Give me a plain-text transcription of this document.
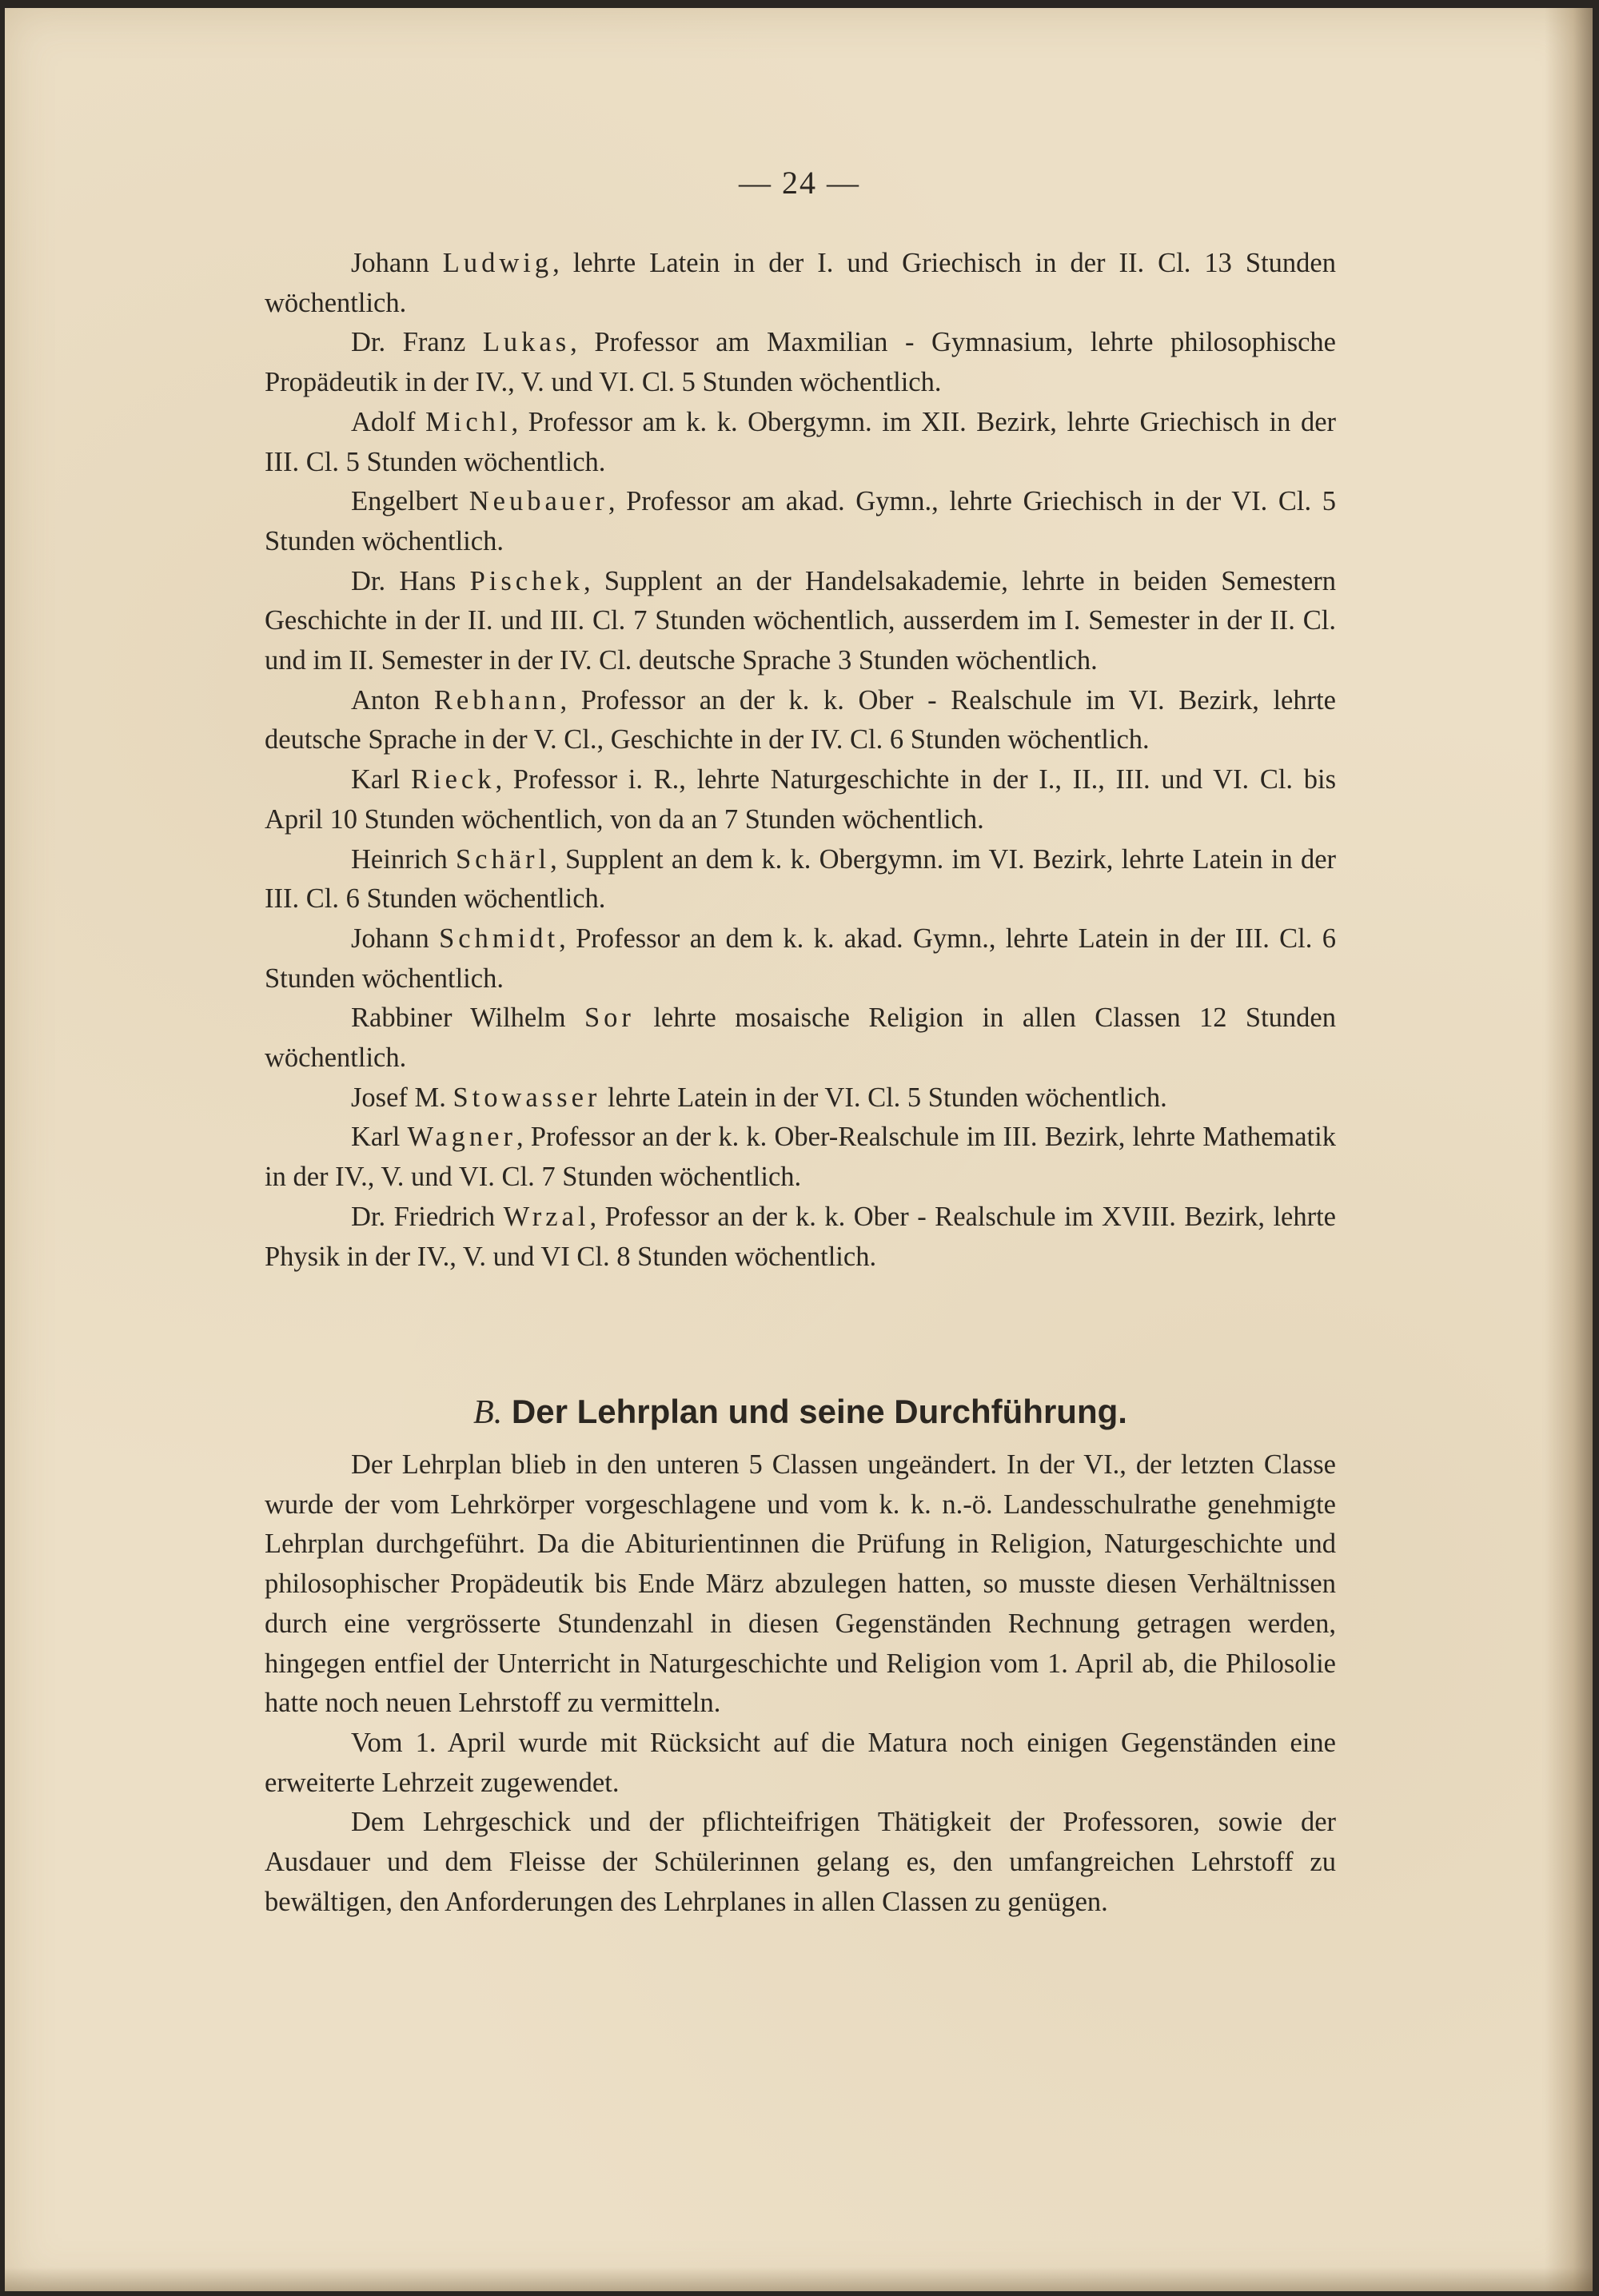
— 24 —

Johann Ludwig, lehrte Latein in der I. und Griechisch in der II. Cl. 13 Stunden wöchentlich.

Dr. Franz Lukas, Professor am Maxmilian - Gymnasium, lehrte philosophische Propädeutik in der IV., V. und VI. Cl. 5 Stunden wöchentlich.

Adolf Michl, Professor am k. k. Obergymn. im XII. Bezirk, lehrte Griechisch in der III. Cl. 5 Stunden wöchentlich.

Engelbert Neubauer, Professor am akad. Gymn., lehrte Griechisch in der VI. Cl. 5 Stunden wöchentlich.

Dr. Hans Pischek, Supplent an der Handelsakademie, lehrte in beiden Semestern Geschichte in der II. und III. Cl. 7 Stunden wöchentlich, ausserdem im I. Semester in der II. Cl. und im II. Semester in der IV. Cl. deutsche Sprache 3 Stunden wöchentlich.

Anton Rebhann, Professor an der k. k. Ober - Realschule im VI. Bezirk, lehrte deutsche Sprache in der V. Cl., Geschichte in der IV. Cl. 6 Stunden wöchentlich.

Karl Rieck, Professor i. R., lehrte Naturgeschichte in der I., II., III. und VI. Cl. bis April 10 Stunden wöchentlich, von da an 7 Stunden wöchentlich.

Heinrich Schärl, Supplent an dem k. k. Obergymn. im VI. Bezirk, lehrte Latein in der III. Cl. 6 Stunden wöchentlich.

Johann Schmidt, Professor an dem k. k. akad. Gymn., lehrte Latein in der III. Cl. 6 Stunden wöchentlich.

Rabbiner Wilhelm Sor lehrte mosaische Religion in allen Classen 12 Stunden wöchentlich.

Josef M. Stowasser lehrte Latein in der VI. Cl. 5 Stunden wöchentlich.

Karl Wagner, Professor an der k. k. Ober-Realschule im III. Bezirk, lehrte Mathematik in der IV., V. und VI. Cl. 7 Stunden wöchentlich.

Dr. Friedrich Wrzal, Professor an der k. k. Ober - Realschule im XVIII. Bezirk, lehrte Physik in der IV., V. und VI Cl. 8 Stunden wöchentlich.

B. Der Lehrplan und seine Durchführung.

Der Lehrplan blieb in den unteren 5 Classen ungeändert. In der VI., der letzten Classe wurde der vom Lehrkörper vorgeschlagene und vom k. k. n.-ö. Landesschulrathe genehmigte Lehrplan durchgeführt. Da die Abiturientinnen die Prüfung in Religion, Naturgeschichte und philosophischer Propädeutik bis Ende März abzulegen hatten, so musste diesen Verhältnissen durch eine vergrösserte Stundenzahl in diesen Gegenständen Rechnung getragen werden, hingegen entfiel der Unterricht in Naturgeschichte und Religion vom 1. April ab, die Philosolie hatte noch neuen Lehrstoff zu vermitteln.

Vom 1. April wurde mit Rücksicht auf die Matura noch einigen Gegenständen eine erweiterte Lehrzeit zugewendet.

Dem Lehrgeschick und der pflichteifrigen Thätigkeit der Professoren, sowie der Ausdauer und dem Fleisse der Schülerinnen gelang es, den umfangreichen Lehrstoff zu bewältigen, den Anforderungen des Lehrplanes in allen Classen zu genügen.
